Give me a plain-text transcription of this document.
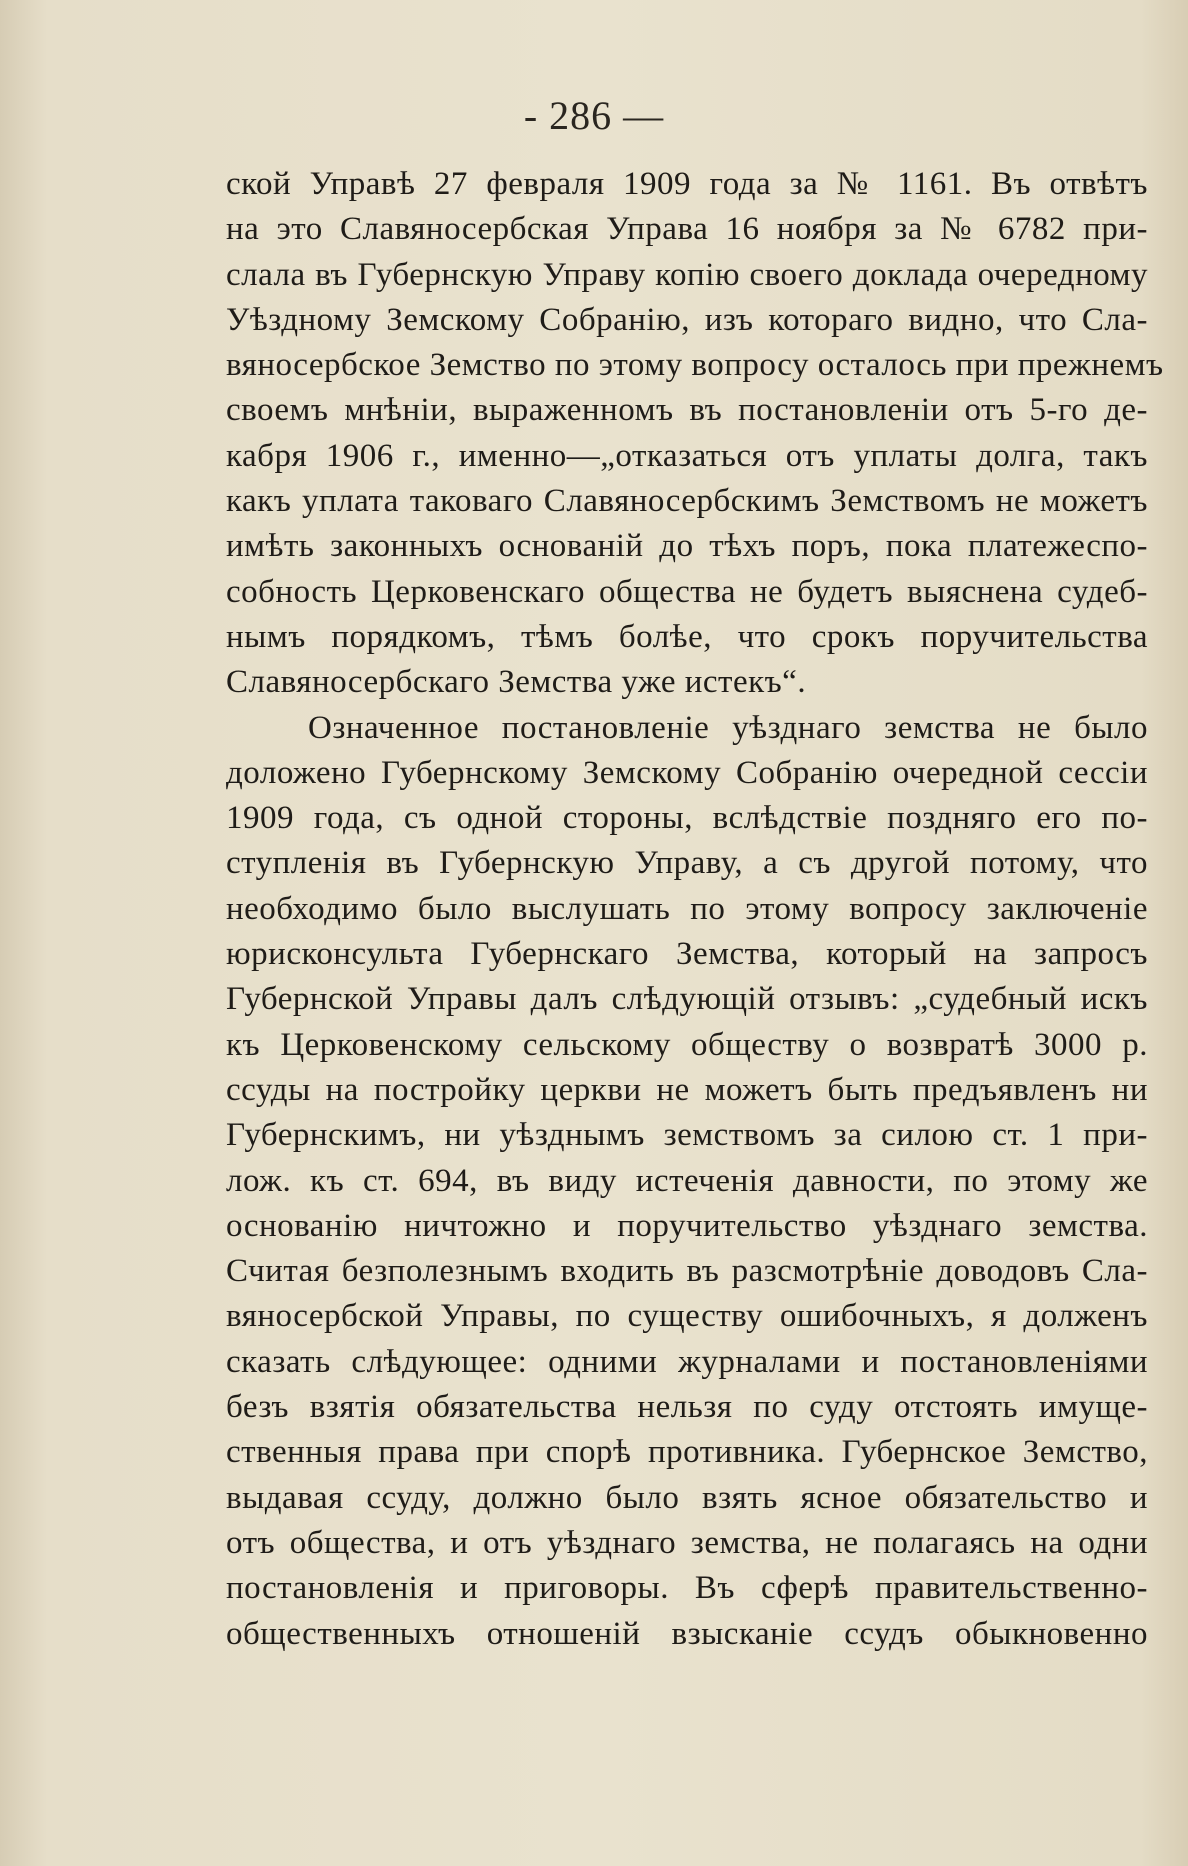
- 286 —
ской Управѣ 27 февраля 1909 года за № 1161. Въ отвѣтъ
на это Славяносербская Управа 16 ноября за № 6782 при-
слала въ Губернскую Управу копію своего доклада очередному
Уѣздному Земскому Собранію, изъ котораго видно, что Сла-
вяносербское Земство по этому вопросу осталось при прежнемъ
своемъ мнѣніи, выраженномъ въ постановленіи отъ 5-го де-
кабря 1906 г., именно—„отказаться отъ уплаты долга, такъ
какъ уплата таковаго Славяносербскимъ Земствомъ не можетъ
имѣть законныхъ основаній до тѣхъ поръ, пока платежеспо-
собность Церковенскаго общества не будетъ выяснена судеб-
нымъ порядкомъ, тѣмъ болѣе, что срокъ поручительства
Славяносербскаго Земства уже истекъ“.
Означенное постановленіе уѣзднаго земства не было
доложено Губернскому Земскому Собранію очередной сессіи
1909 года, съ одной стороны, вслѣдствіе поздняго его по-
ступленія въ Губернскую Управу, а съ другой потому, что
необходимо было выслушать по этому вопросу заключеніе
юрисконсульта Губернскаго Земства, который на запросъ
Губернской Управы далъ слѣдующій отзывъ: „судебный искъ
къ Церковенскому сельскому обществу о возвратѣ 3000 р.
ссуды на постройку церкви не можетъ быть предъявленъ ни
Губернскимъ, ни уѣзднымъ земствомъ за силою ст. 1 при-
лож. къ ст. 694, въ виду истеченія давности, по этому же
основанію ничтожно и поручительство уѣзднаго земства.
Считая безполезнымъ входить въ разсмотрѣніе доводовъ Сла-
вяносербской Управы, по существу ошибочныхъ, я долженъ
сказать слѣдующее: одними журналами и постановленіями
безъ взятія обязательства нельзя по суду отстоять имуще-
ственныя права при спорѣ противника. Губернское Земство,
выдавая ссуду, должно было взять ясное обязательство и
отъ общества, и отъ уѣзднаго земства, не полагаясь на одни
постановленія и приговоры. Въ сферѣ правительственно-
общественныхъ отношеній взысканіе ссудъ обыкновенно
